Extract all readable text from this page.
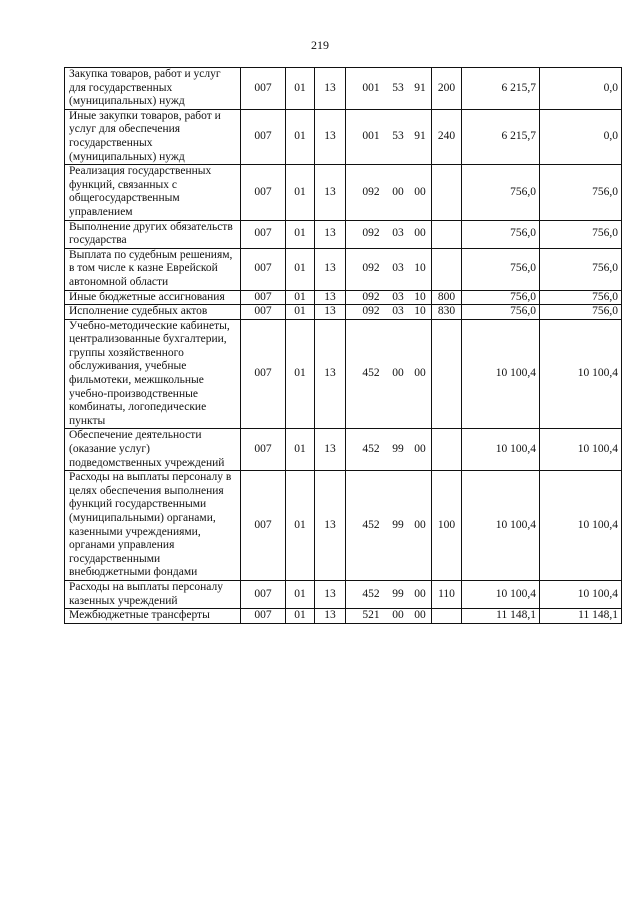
219
Закупка товаров, работ и услуг для государственных (муниципальных) нужд	007	01	13	001 53 91	200	6 215,7	0,0
Иные закупки товаров, работ и услуг для обеспечения государственных (муниципальных) нужд	007	01	13	001 53 91	240	6 215,7	0,0
Реализация государственных функций, связанных с общегосударственным управлением	007	01	13	092 00 00		756,0	756,0
Выполнение других обязательств государства	007	01	13	092 03 00		756,0	756,0
Выплата по судебным решениям, в том числе к казне Еврейской автономной области	007	01	13	092 03 10		756,0	756,0
Иные бюджетные ассигнования	007	01	13	092 03 10	800	756,0	756,0
Исполнение судебных актов	007	01	13	092 03 10	830	756,0	756,0
Учебно-методические кабинеты, централизованные бухгалтерии, группы хозяйственного обслуживания, учебные фильмотеки, межшкольные учебно-производственные комбинаты, логопедические пункты	007	01	13	452 00 00		10 100,4	10 100,4
Обеспечение деятельности (оказание услуг) подведомственных учреждений	007	01	13	452 99 00		10 100,4	10 100,4
Расходы на выплаты персоналу в целях обеспечения выполнения функций государственными (муниципальными) органами, казенными учреждениями, органами управления государственными внебюджетными фондами	007	01	13	452 99 00	100	10 100,4	10 100,4
Расходы на выплаты персоналу казенных учреждений	007	01	13	452 99 00	110	10 100,4	10 100,4
Межбюджетные трансферты	007	01	13	521 00 00		11 148,1	11 148,1
